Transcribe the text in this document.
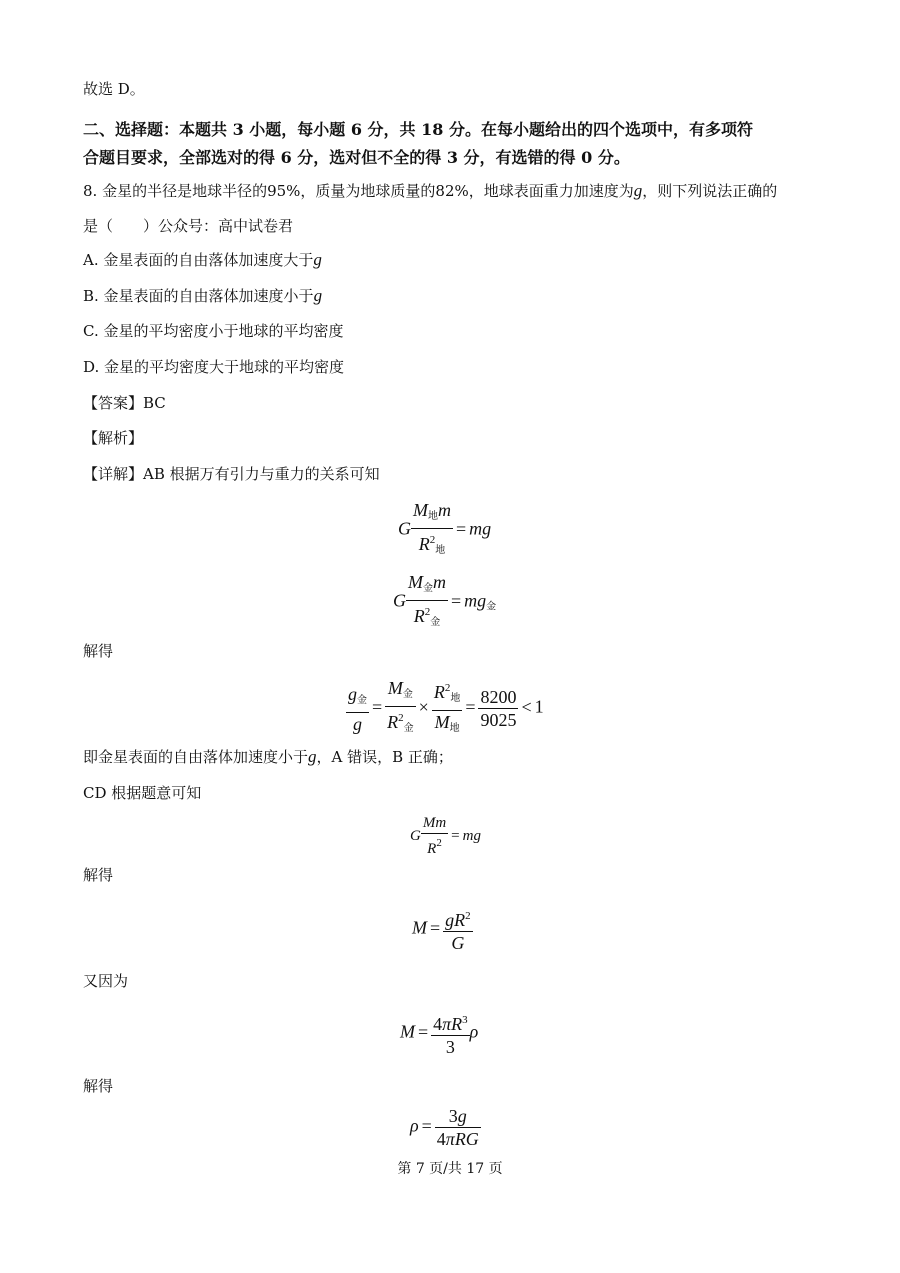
故选 D。
二、选择题：本题共 3 小题，每小题 6 分，共 18 分。在每小题给出的四个选项中，有多项符
合题目要求，全部选对的得 6 分，选对但不全的得 3 分，有选错的得 0 分。
8. 金星的半径是地球半径的95%，质量为地球质量的82%，地球表面重力加速度为g，则下列说法正确的
是（　　）公众号：高中试卷君
A. 金星表面的自由落体加速度大于g
B. 金星表面的自由落体加速度小于g
C. 金星的平均密度小于地球的平均密度
D. 金星的平均密度大于地球的平均密度
【答案】BC
【解析】
【详解】AB 根据万有引力与重力的关系可知
G $\frac{M_地m}{R^2_地}$ = mg
G $\frac{M_金m}{R^2_金} = mg_金$
解得
$\frac{g_金}{g} = \frac{M_金}{R^2_金} \times \frac{R^2_地}{M_地} = \frac{8200}{9025} < 1$
即金星表面的自由落体加速度小于g，A 错误，B 正确；
CD 根据题意可知
G $\frac{Mm}{R^2}$ = mg
解得
$M = \frac{gR^2}{G}$
又因为
$M = \frac{4\pi R^3}{3}$ ρ
解得
$\rho = \frac{3g}{\text{4πRG}}$
第 7 页/共 17 页
